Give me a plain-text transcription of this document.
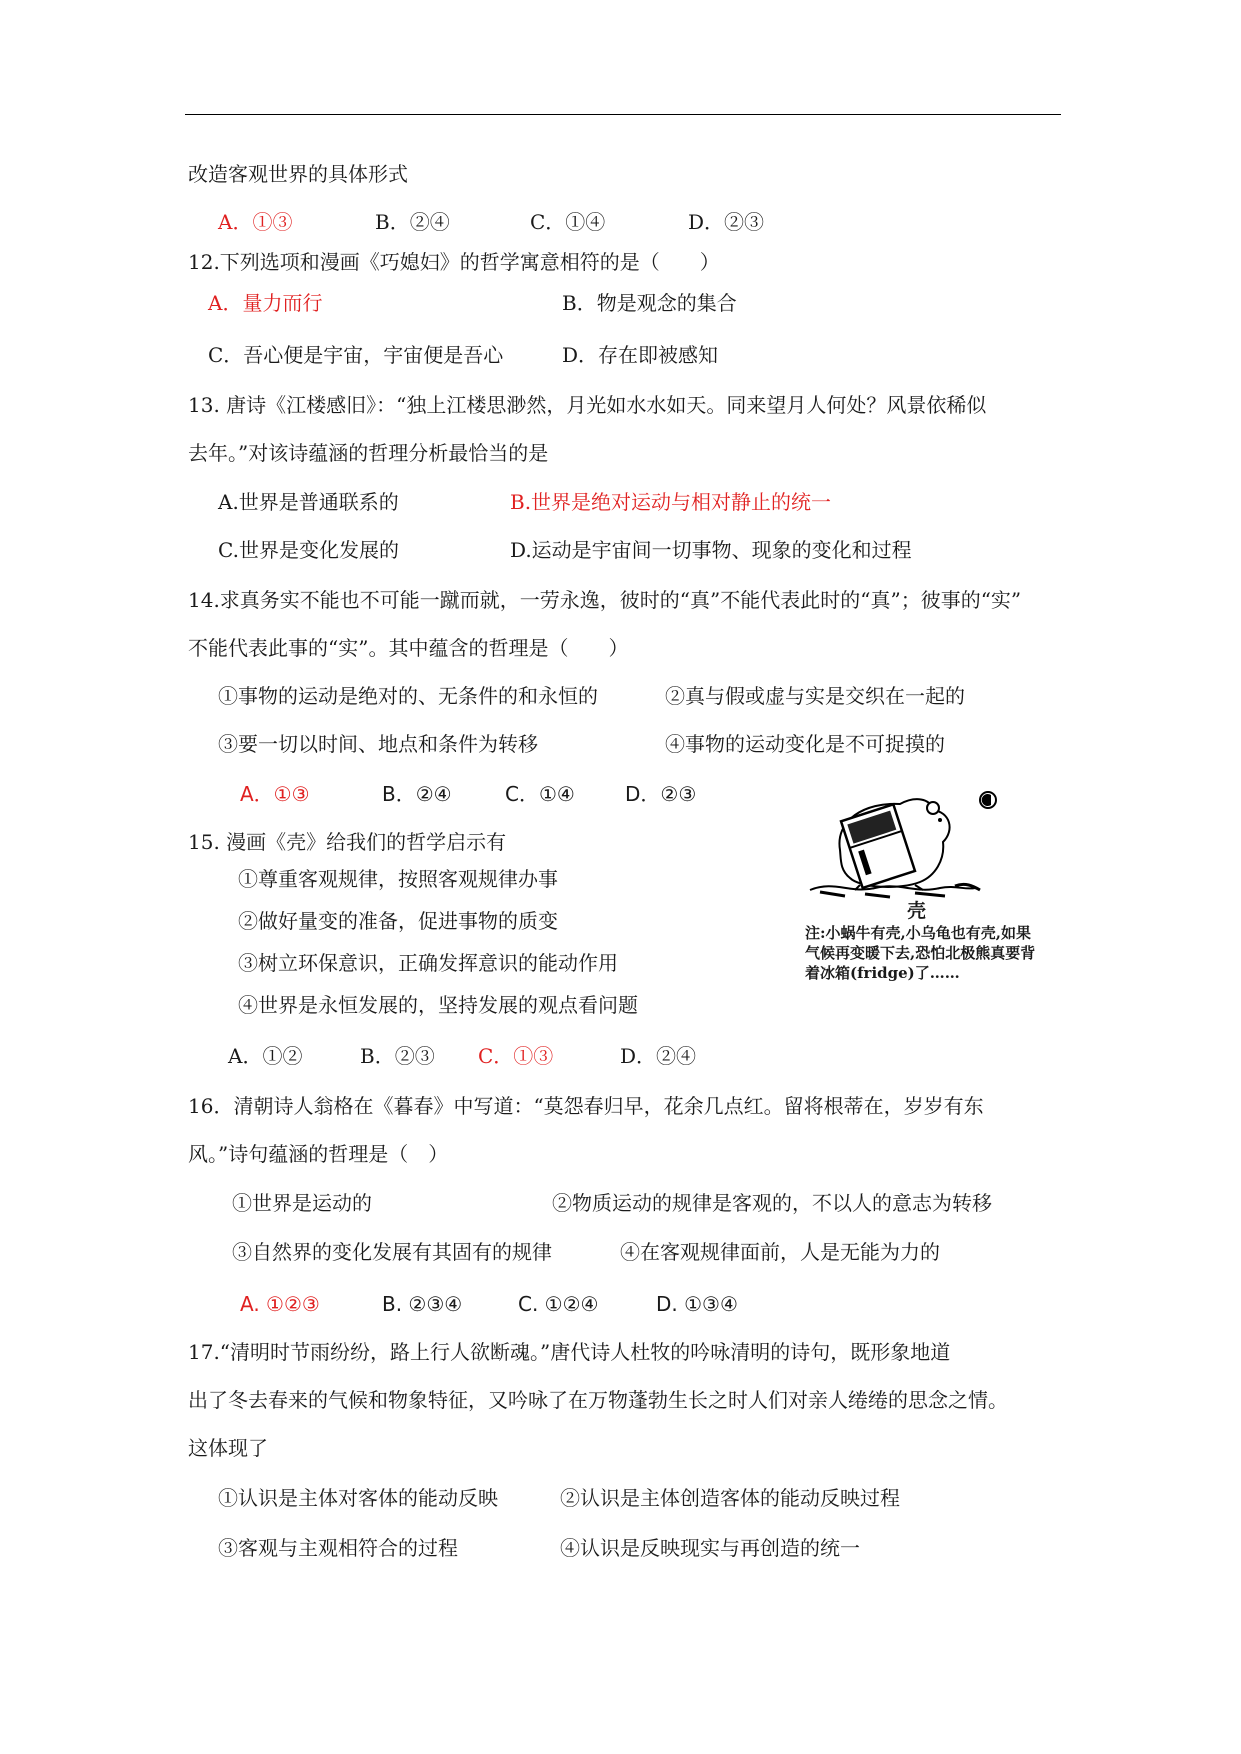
改造客观世界的具体形式
A．①③	B．②④	C．①④	D．②③
12.下列选项和漫画《巧媳妇》的哲学寓意相符的是（　　）
A．量力而行	B．物是观念的集合
C．吾心便是宇宙，宇宙便是吾心	D．存在即被感知
13. 唐诗《江楼感旧》：“独上江楼思渺然，月光如水水如天。同来望月人何处？风景依稀似
去年。”对该诗蕴涵的哲理分析最恰当的是
A.世界是普通联系的	B.世界是绝对运动与相对静止的统一
C.世界是变化发展的	D.运动是宇宙间一切事物、现象的变化和过程
14.求真务实不能也不可能一蹴而就，一劳永逸，彼时的“真”不能代表此时的“真”；彼事的“实”
不能代表此事的“实”。其中蕴含的哲理是（　　）
①事物的运动是绝对的、无条件的和永恒的	②真与假或虚与实是交织在一起的
③要一切以时间、地点和条件为转移	④事物的运动变化是不可捉摸的
A．①③	B．②④	C．①④	D．②③
15. 漫画《壳》给我们的哲学启示有
①尊重客观规律，按照客观规律办事
②做好量变的准备，促进事物的质变
③树立环保意识，正确发挥意识的能动作用
④世界是永恒发展的，坚持发展的观点看问题
A．①②	B．②③ C．①③	D．②④
壳
注:小蜗牛有壳,小乌龟也有壳,如果
气候再变暖下去,恐怕北极熊真要背
着冰箱(fridge)了……
16．清朝诗人翁格在《暮春》中写道：“莫怨春归早，花余几点红。留将根蒂在，岁岁有东
风。”诗句蕴涵的哲理是（　）
①世界是运动的	②物质运动的规律是客观的，不以人的意志为转移
③自然界的变化发展有其固有的规律	④在客观规律面前，人是无能为力的
A. ①②③	B. ②③④	C. ①②④	D. ①③④
17.“清明时节雨纷纷，路上行人欲断魂。”唐代诗人杜牧的吟咏清明的诗句，既形象地道
出了冬去春来的气候和物象特征，又吟咏了在万物蓬勃生长之时人们对亲人绻绻的思念之情。
这体现了
①认识是主体对客体的能动反映	②认识是主体创造客体的能动反映过程
③客观与主观相符合的过程	④认识是反映现实与再创造的统一
